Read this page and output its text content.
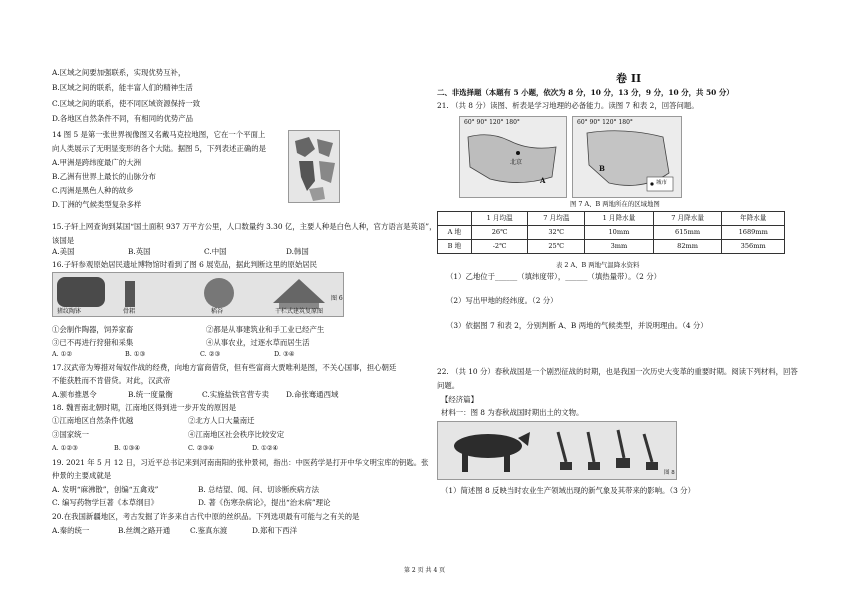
A.区域之间要加强联系，实现优势互补，
B.区域之间的联系，能丰富人们的精神生活
C.区域之间的联系，使不同区域资源保持一致
D.各地区自然条件不同，有相同的优势产品
14 图 5 是第一张世界视像图又名戴马克拉地图，它在一个平面上
向人类展示了无明显变形的各个大陆。据图 5，下列表述正确的是
A.甲洲是跨纬度最广的大洲
B.乙洲有世界上最长的山脉分布
C.丙洲是黑色人种的故乡
D.丁洲的气候类型复杂多样
15.子轩上网查询到某国“国土面积 937 万平方公里，人口数量约 3.30 亿，主要人种是白色人种，官方语言是英语”，
该国是
A.美国	B.英国	C.中国	D.韩国
16.子轩参观原始居民遗址博物馆时看到了图 6 展览品，据此判断这里的原始居民
猪纹陶钵	骨耜	稻谷	干栏式建筑复原图
图 6
①会制作陶器，饲养家畜	②都是从事建筑业和手工业已经产生
③已不再进行狩猎和采集	④从事农业，过逐水草而居生活
A. ①②	B. ①③	C. ②③	D. ③④
17.汉武帝为筹措对匈奴作战的经费，向地方富商借贷，但有些富商大贾唯利是图，不关心国事，担心朝廷
不能获胜而不肯借贷。对此，汉武帝
A.颁布推恩令	B.统一度量衡	C.实施盐铁官营专卖 D.命张骞通西域
18. 魏晋南北朝时期，江南地区得到进一步开发的原因是
①江南地区自然条件优越	②北方人口大量南迁
③国家统一	④江南地区社会秩序比较安定
A. ①②③	B. ①③④	C. ②③④	D. ①②④
19. 2021 年 5 月 12 日，习近平总书记来到河南南阳的张仲景祠，指出：中医药学是打开中华文明宝库的钥匙。张
仲景的主要成就是
A. 发明“麻沸散”，创编“五禽戏”	B. 总结望、闻、问、切诊断疾病方法
C. 编写药物学巨著《本草纲目》	D. 著《伤寒杂病论》，提出“治未病”理论
20.在我国新疆地区，考古发掘了许多来自古代中原的丝织品。下列选项最有可能与之有关的是
A.秦的统一	B.丝绸之路开通	C.鉴真东渡	D.郑和下西洋
卷 II
二、非选择题（本题有 5 小题，依次为 8 分，10 分，13 分，9 分，10 分，共 50 分）
21. （共 8 分）读图、析表是学习地理的必备能力。读图 7 和表 2，回答问题。
60° 90° 120° 180°
北京
A
60° 90° 120° 180°
B
城市
图 7 A、B 两地所在的区域地图
	1 月均温	7 月均温	1 月降水量	7 月降水量	年降水量
A 地	26℃	32℃	10mm	615mm	1689mm
B 地	-2℃	25℃	3mm	82mm	356mm
表 2 A、B 两地气温降水资料
（1）乙地位于______（填纬度带），______（填热量带）。（2 分）
（2）写出甲地的经纬度。（2 分）
（3）依据图 7 和表 2，分别判断 A、B 两地的气候类型，并说明理由。（4 分）
22. （共 10 分）春秋战国是一个剧烈征战的时期，也是我国一次历史大变革的重要时期。阅读下列材料，回答
问题。
【经济篇】
材料一：图 8 为春秋战国时期出土的文物。
图 8
（1）简述图 8 反映当时农业生产领域出现的新气象及其带来的影响。（3 分）
第 2 页 共 4 页
